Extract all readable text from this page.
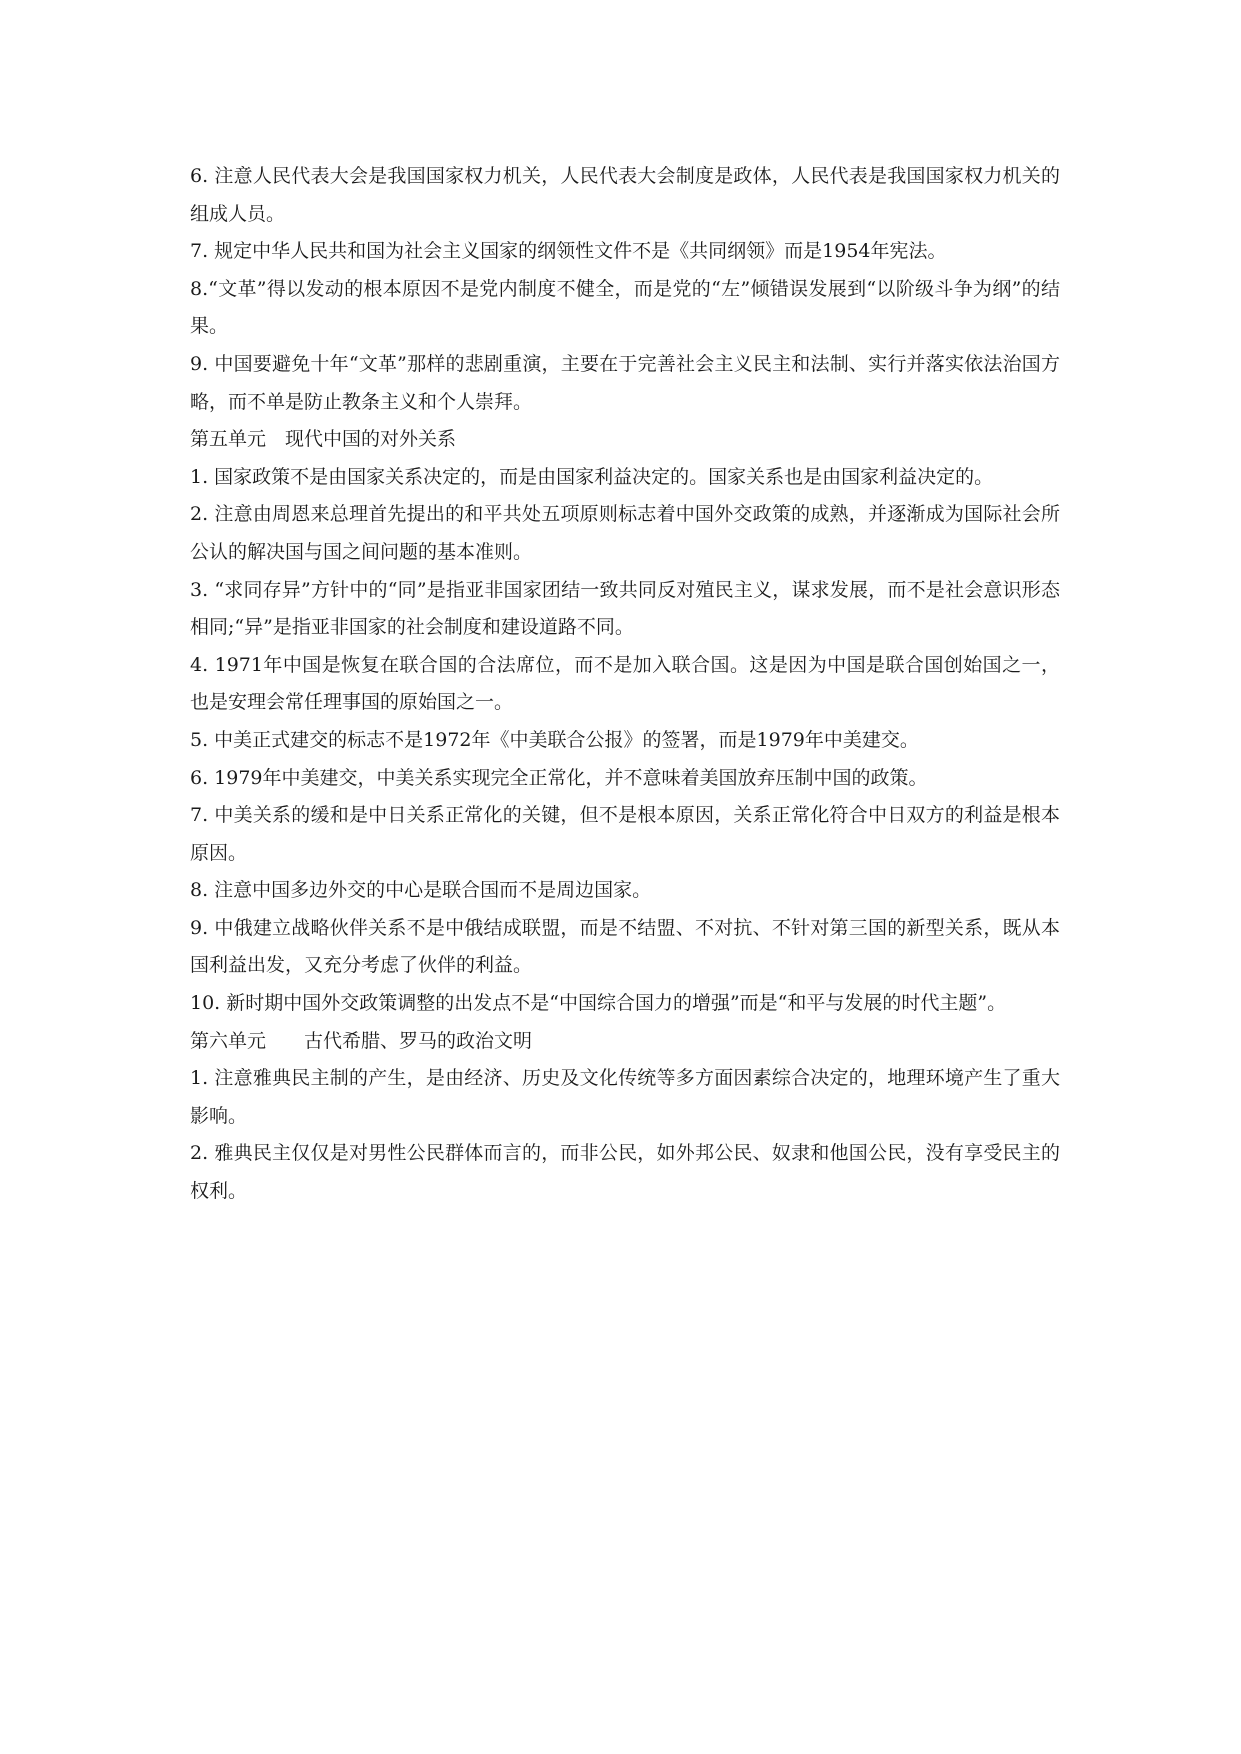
6. 注意人民代表大会是我国国家权力机关，人民代表大会制度是政体，人民代表是我国国家权力机关的组成人员。

7. 规定中华人民共和国为社会主义国家的纲领性文件不是《共同纲领》而是1954年宪法。

8.“文革”得以发动的根本原因不是党内制度不健全，而是党的“左”倾错误发展到“以阶级斗争为纲”的结果。

9. 中国要避免十年“文革”那样的悲剧重演，主要在于完善社会主义民主和法制、实行并落实依法治国方略，而不单是防止教条主义和个人崇拜。

第五单元 现代中国的对外关系

1. 国家政策不是由国家关系决定的，而是由国家利益决定的。国家关系也是由国家利益决定的。

2. 注意由周恩来总理首先提出的和平共处五项原则标志着中国外交政策的成熟，并逐渐成为国际社会所公认的解决国与国之间问题的基本准则。

3. “求同存异”方针中的“同”是指亚非国家团结一致共同反对殖民主义，谋求发展，而不是社会意识形态相同;“异”是指亚非国家的社会制度和建设道路不同。

4. 1971年中国是恢复在联合国的合法席位，而不是加入联合国。这是因为中国是联合国创始国之一，也是安理会常任理事国的原始国之一。

5. 中美正式建交的标志不是1972年《中美联合公报》的签署，而是1979年中美建交。

6. 1979年中美建交，中美关系实现完全正常化，并不意味着美国放弃压制中国的政策。

7. 中美关系的缓和是中日关系正常化的关键，但不是根本原因，关系正常化符合中日双方的利益是根本原因。

8. 注意中国多边外交的中心是联合国而不是周边国家。

9. 中俄建立战略伙伴关系不是中俄结成联盟，而是不结盟、不对抗、不针对第三国的新型关系，既从本国利益出发，又充分考虑了伙伴的利益。

10. 新时期中国外交政策调整的出发点不是“中国综合国力的增强”而是“和平与发展的时代主题”。

第六单元 古代希腊、罗马的政治文明

1. 注意雅典民主制的产生，是由经济、历史及文化传统等多方面因素综合决定的，地理环境产生了重大影响。

2. 雅典民主仅仅是对男性公民群体而言的，而非公民，如外邦公民、奴隶和他国公民，没有享受民主的权利。
